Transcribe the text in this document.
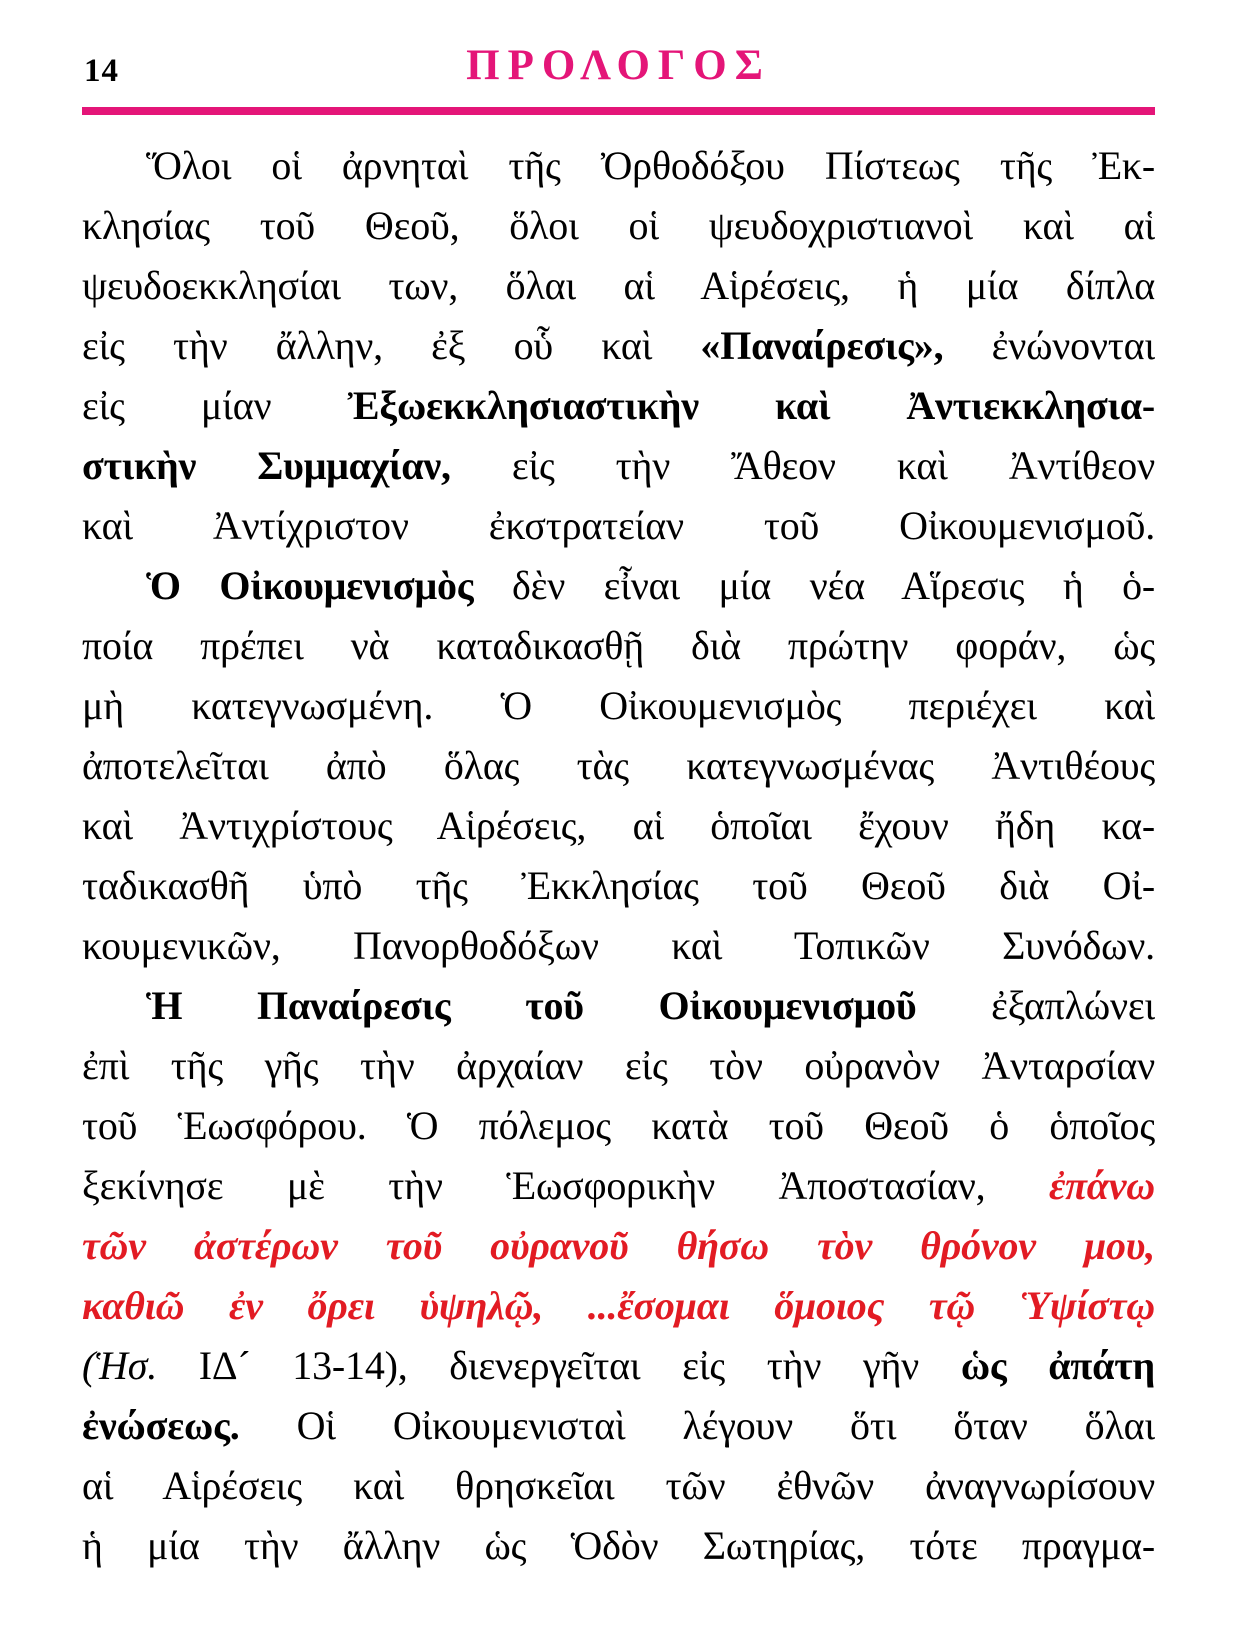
14	ΠΡΟΛΟΓΟΣ
Ὅλοι οἱ ἀρνηταὶ τῆς Ὀρθοδόξου Πίστεως τῆς Ἐκ-
κλησίας τοῦ Θεοῦ, ὅλοι οἱ ψευδοχριστιανοὶ καὶ αἱ
ψευδοεκκλησίαι των, ὅλαι αἱ Αἱρέσεις, ἡ μία δίπλα
εἰς τὴν ἄλλην, ἐξ οὗ καὶ «Παναίρεσις», ἐνώνονται
εἰς μίαν Ἐξωεκκλησιαστικὴν καὶ Ἀντιεκκλησια-
στικὴν Συμμαχίαν, εἰς τὴν Ἄθεον καὶ Ἀντίθεον
καὶ Ἀντίχριστον ἐκστρατείαν τοῦ Οἰκουμενισμοῦ.
Ὁ Οἰκουμενισμὸς δὲν εἶναι μία νέα Αἵρεσις ἡ ὁ-
ποία πρέπει νὰ καταδικασθῇ διὰ πρώτην φοράν, ὡς
μὴ κατεγνωσμένη. Ὁ Οἰκουμενισμὸς περιέχει καὶ
ἀποτελεῖται ἀπὸ ὅλας τὰς κατεγνωσμένας Ἀντιθέους
καὶ Ἀντιχρίστους Αἱρέσεις, αἱ ὁποῖαι ἔχουν ἤδη κα-
ταδικασθῆ ὑπὸ τῆς Ἐκκλησίας τοῦ Θεοῦ διὰ Οἰ-
κουμενικῶν, Πανορθοδόξων καὶ Τοπικῶν Συνόδων.
Ἡ Παναίρεσις τοῦ Οἰκουμενισμοῦ ἐξαπλώνει
ἐπὶ τῆς γῆς τὴν ἀρχαίαν εἰς τὸν οὐρανὸν Ἀνταρσίαν
τοῦ Ἑωσφόρου. Ὁ πόλεμος κατὰ τοῦ Θεοῦ ὁ ὁποῖος
ξεκίνησε μὲ τὴν Ἑωσφορικὴν Ἀποστασίαν, ἐπάνω
τῶν ἀστέρων τοῦ οὐρανοῦ θήσω τὸν θρόνον μου,
καθιῶ ἐν ὄρει ὑψηλῷ, ...ἔσομαι ὅμοιος τῷ Ὑψίστῳ
(Ἡσ. ΙΔ´ 13-14), διενεργεῖται εἰς τὴν γῆν ὡς ἀπάτη
ἐνώσεως. Οἱ Οἰκουμενισταὶ λέγουν ὅτι ὅταν ὅλαι
αἱ Αἱρέσεις καὶ θρησκεῖαι τῶν ἐθνῶν ἀναγνωρίσουν
ἡ μία τὴν ἄλλην ὡς Ὁδὸν Σωτηρίας, τότε πραγμα-
